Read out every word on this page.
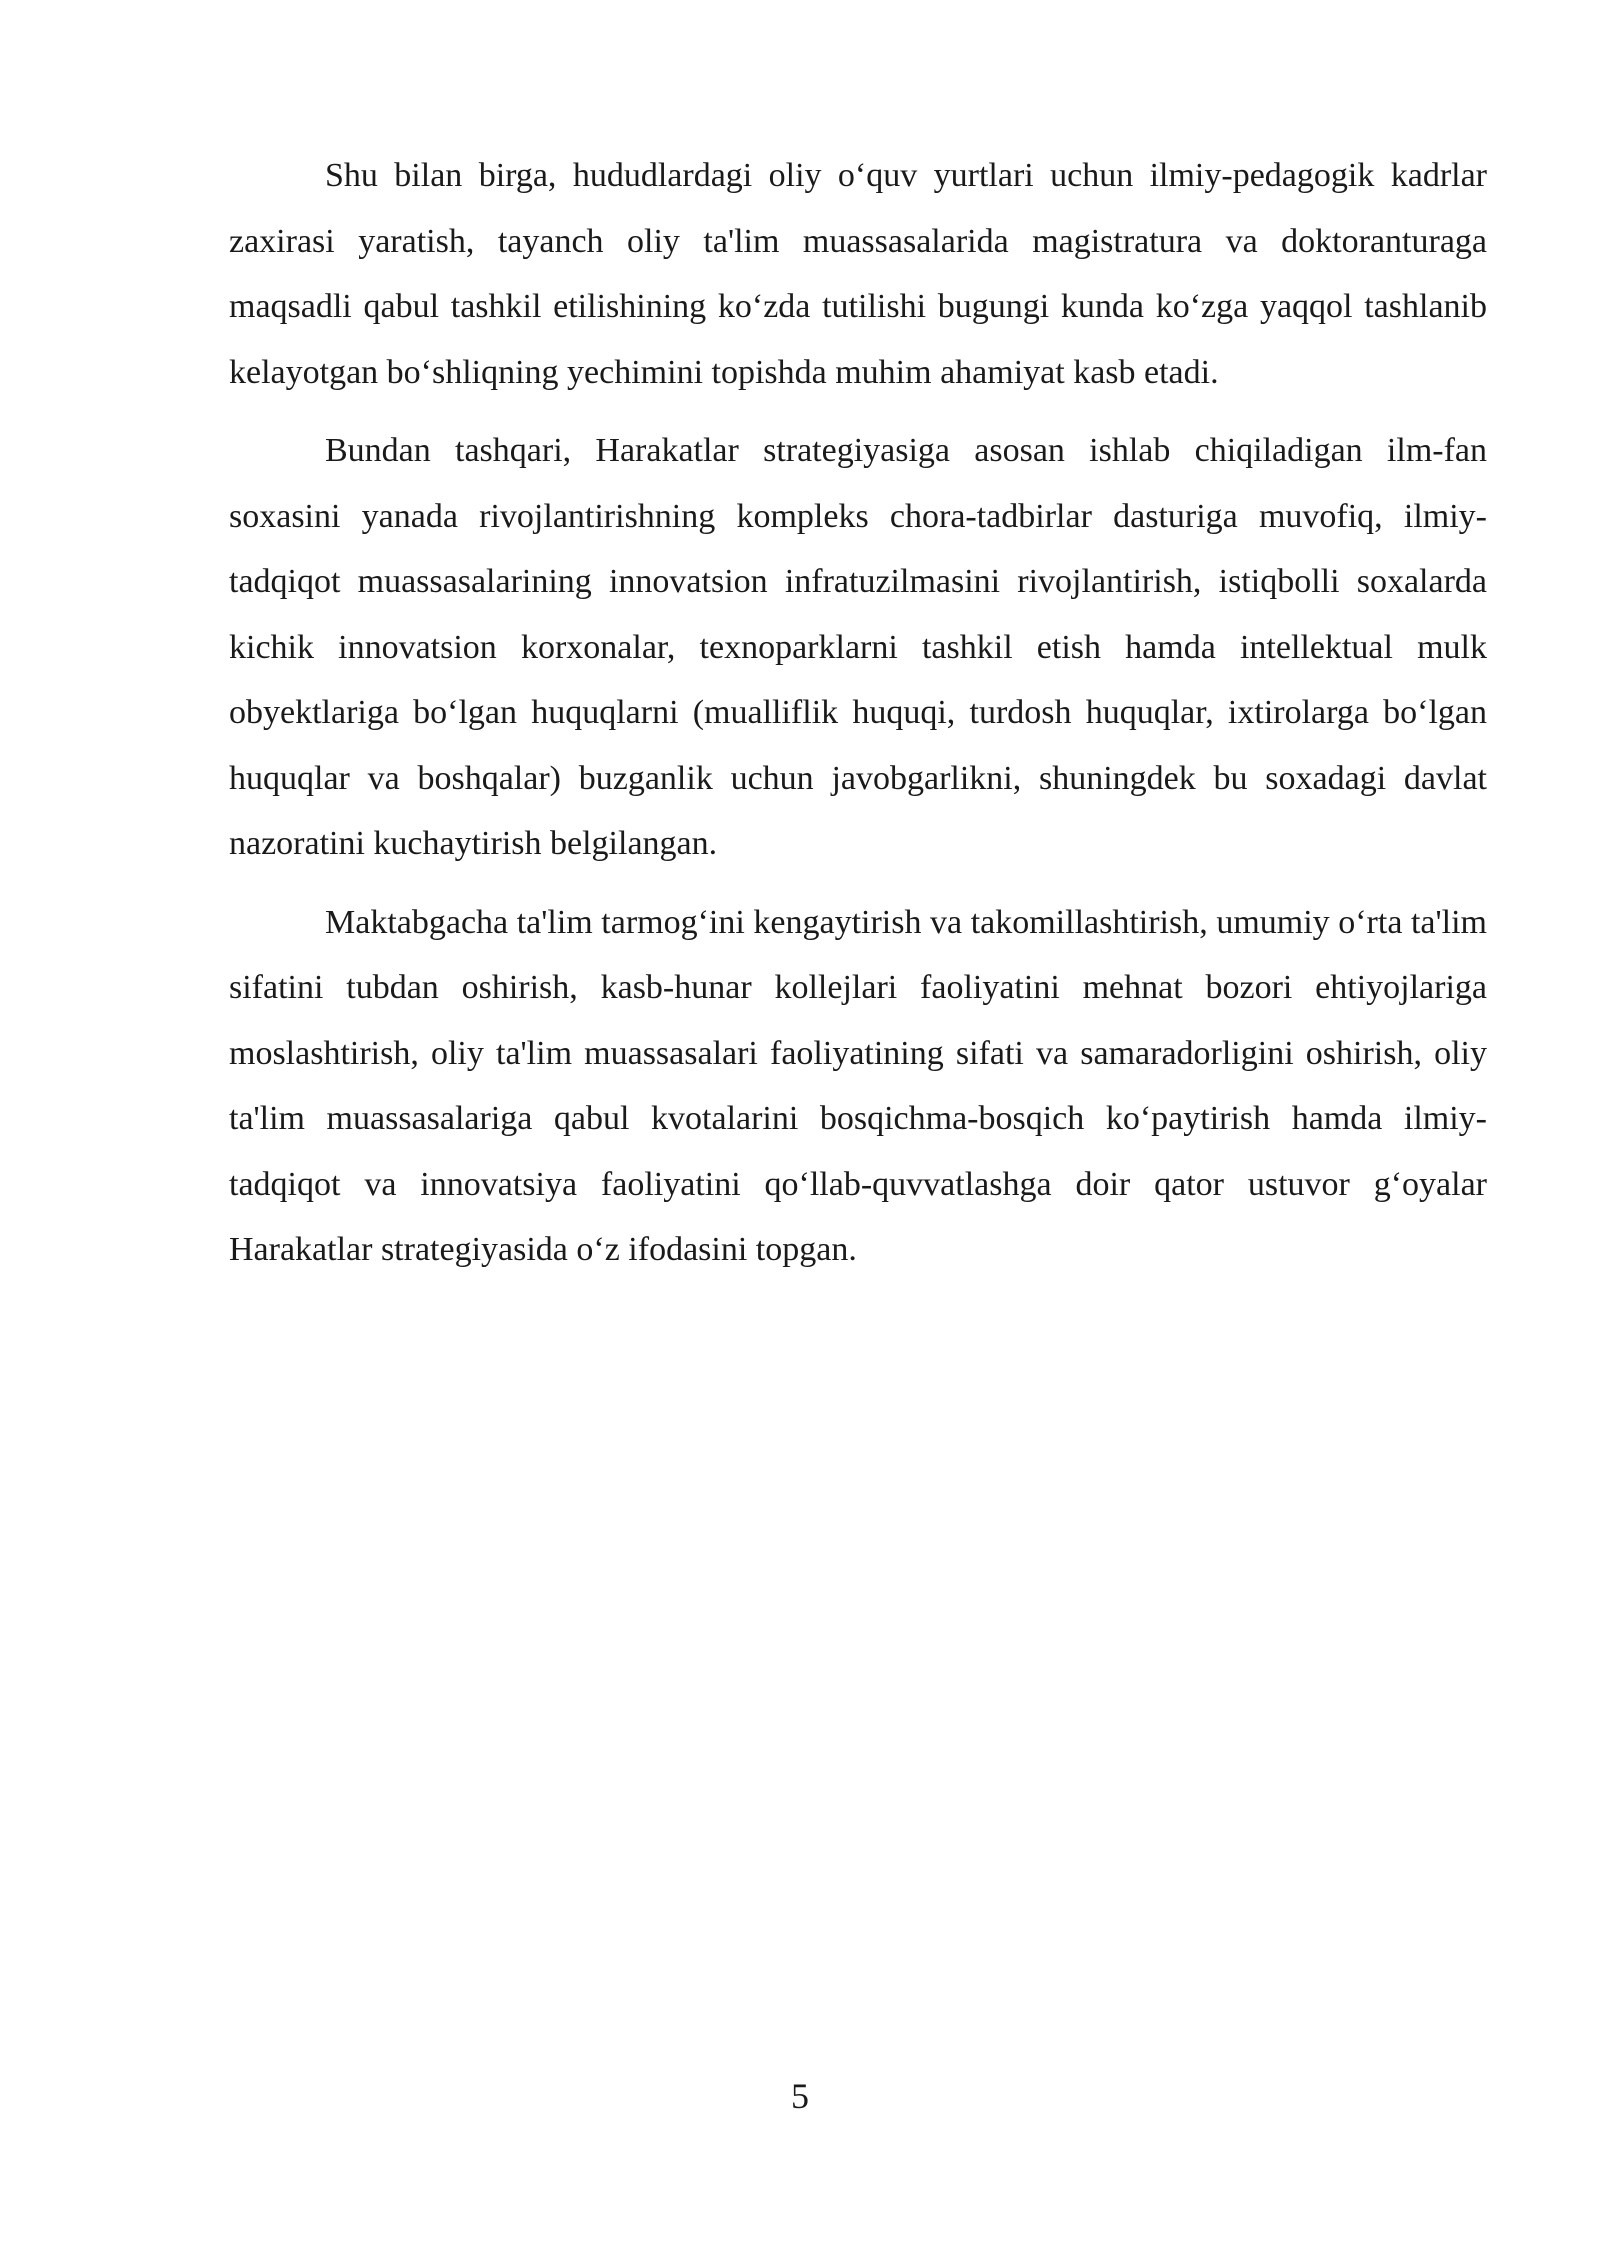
Shu bilan birga, hududlardagi oliy o‘quv yurtlari uchun ilmiy-pedagogik kadrlar zaxirasi yaratish, tayanch oliy ta'lim muassasalarida magistratura va doktoranturaga maqsadli qabul tashkil etilishining ko‘zda tutilishi bugungi kunda ko‘zga yaqqol tashlanib kelayotgan bo‘shliqning yechimini topishda muhim ahamiyat kasb etadi.

Bundan tashqari, Harakatlar strategiyasiga asosan ishlab chiqiladigan ilm-fan soxasini yanada rivojlantirishning kompleks chora-tadbirlar dasturiga muvofiq, ilmiy-tadqiqot muassasalarining innovatsion infratuzilmasini rivojlantirish, istiqbolli soxalarda kichik innovatsion korxonalar, texnoparklarni tashkil etish hamda intellektual mulk obyektlariga bo‘lgan huquqlarni (mualliflik huquqi, turdosh huquqlar, ixtirolarga bo‘lgan huquqlar va boshqalar) buzganlik uchun javobgarlikni, shuningdek bu soxadagi davlat nazoratini kuchaytirish belgilangan.

Maktabgacha ta'lim tarmog‘ini kengaytirish va takomillashtirish, umumiy o‘rta ta'lim sifatini tubdan oshirish, kasb-hunar kollejlari faoliyatini mehnat bozori ehtiyojlariga moslashtirish, oliy ta'lim muassasalari faoliyatining sifati va samaradorligini oshirish, oliy ta'lim muassasalariga qabul kvotalarini bosqichma-bosqich ko‘paytirish hamda ilmiy-tadqiqot va innovatsiya faoliyatini qo‘llab-quvvatlashga doir qator ustuvor g‘oyalar Harakatlar strategiyasida o‘z ifodasini topgan.

5
